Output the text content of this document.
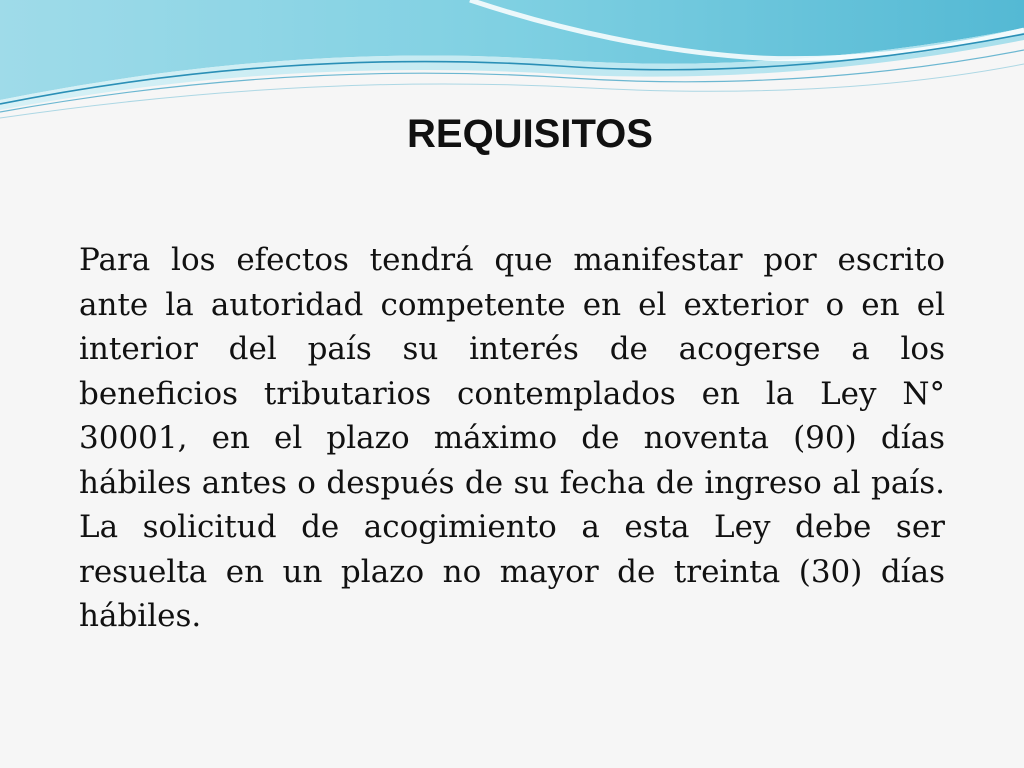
REQUISITOS

Para los efectos tendrá que manifestar por escrito ante la autoridad competente en el exterior o en el interior del país su interés de acogerse a los beneficios tributarios contemplados en la Ley N° 30001, en el plazo máximo de noventa (90) días hábiles antes o después de su fecha de ingreso al país. La solicitud de acogimiento a esta Ley debe ser resuelta en un plazo no mayor de treinta (30) días hábiles.
